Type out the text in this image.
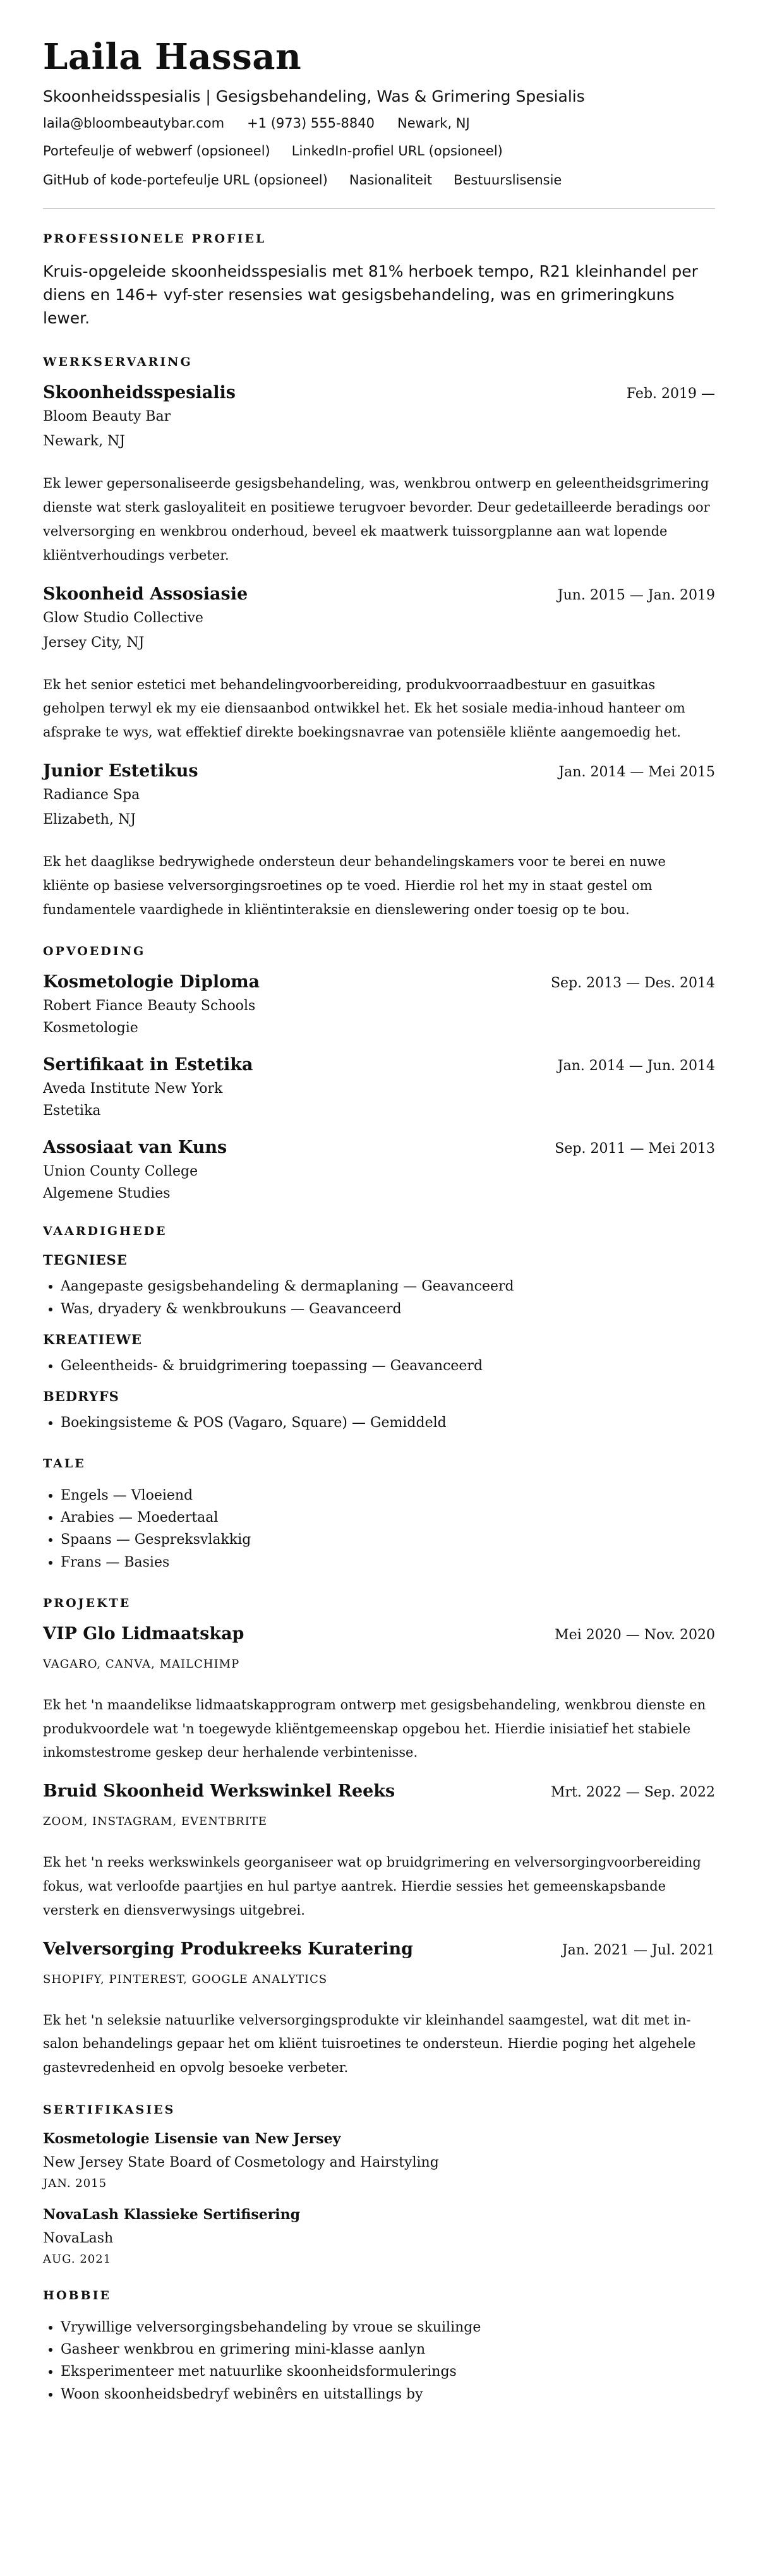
Laila Hassan
Skoonheidsspesialis | Gesigsbehandeling, Was & Grimering Spesialis
laila@bloombeautybar.com +1 (973) 555-8840 Newark, NJ
Portefeulje of webwerf (opsioneel) LinkedIn-profiel URL (opsioneel)
GitHub of kode-portefeulje URL (opsioneel) Nasionaliteit Bestuurslisensie
PROFESSIONELE PROFIEL

Kruis-opgeleide skoonheidsspesialis met 81% herboek tempo, R21 kleinhandel per diens en 146+ vyf-ster resensies wat gesigsbehandeling, was en grimeringkuns lewer.

WERKSERVARING
Skoonheidsspesialis	Feb. 2019 —
Bloom Beauty Bar
Newark, NJ
Ek lewer gepersonaliseerde gesigsbehandeling, was, wenkbrou ontwerp en geleentheidsgrimering dienste wat sterk gasloyaliteit en positiewe terugvoer bevorder. Deur gedetailleerde beradings oor velversorging en wenkbrou onderhoud, beveel ek maatwerk tuissorgplanne aan wat lopende kliëntverhoudings verbeter.
Skoonheid Assosiasie	Jun. 2015 — Jan. 2019
Glow Studio Collective
Jersey City, NJ
Ek het senior estetici met behandelingvoorbereiding, produkvoorraadbestuur en gasuitkas geholpen terwyl ek my eie diensaanbod ontwikkel het. Ek het sosiale media-inhoud hanteer om afsprake te wys, wat effektief direkte boekingsnavrae van potensiële kliënte aangemoedig het.
Junior Estetikus	Jan. 2014 — Mei 2015
Radiance Spa
Elizabeth, NJ
Ek het daaglikse bedrywighede ondersteun deur behandelingskamers voor te berei en nuwe kliënte op basiese velversorgingsroetines op te voed. Hierdie rol het my in staat gestel om fundamentele vaardighede in kliëntinteraksie en dienslewering onder toesig op te bou.
OPVOEDING
Kosmetologie Diploma	Sep. 2013 — Des. 2014
Robert Fiance Beauty Schools
Kosmetologie
Sertifikaat in Estetika	Jan. 2014 — Jun. 2014
Aveda Institute New York
Estetika
Assosiaat van Kuns	Sep. 2011 — Mei 2013
Union County College
Algemene Studies
VAARDIGHEDE
TEGNIESE
• Aangepaste gesigsbehandeling & dermaplaning — Geavanceerd
• Was, dryadery & wenkbroukuns — Geavanceerd
KREATIEWE
• Geleentheids- & bruidgrimering toepassing — Geavanceerd
BEDRYFS
• Boekingsisteme & POS (Vagaro, Square) — Gemiddeld
TALE
• Engels — Vloeiend
• Arabies — Moedertaal
• Spaans — Gespreksvlakkig
• Frans — Basies
PROJEKTE
VIP Glo Lidmaatskap	Mei 2020 — Nov. 2020
VAGARO, CANVA, MAILCHIMP
Ek het 'n maandelikse lidmaatskapprogram ontwerp met gesigsbehandeling, wenkbrou dienste en produkvoordele wat 'n toegewyde kliëntgemeenskap opgebou het. Hierdie inisiatief het stabiele inkomstestrome geskep deur herhalende verbintenisse.
Bruid Skoonheid Werkswinkel Reeks	Mrt. 2022 — Sep. 2022
ZOOM, INSTAGRAM, EVENTBRITE
Ek het 'n reeks werkswinkels georganiseer wat op bruidgrimering en velversorgingvoorbereiding fokus, wat verloofde paartjies en hul partye aantrek. Hierdie sessies het gemeenskapsbande versterk en diensverwysings uitgebrei.
Velversorging Produkreeks Kuratering	Jan. 2021 — Jul. 2021
SHOPIFY, PINTEREST, GOOGLE ANALYTICS
Ek het 'n seleksie natuurlike velversorgingsprodukte vir kleinhandel saamgestel, wat dit met in-salon behandelings gepaar het om kliënt tuisroetines te ondersteun. Hierdie poging het algehele gastevredenheid en opvolg besoeke verbeter.
SERTIFIKASIES
Kosmetologie Lisensie van New Jersey
New Jersey State Board of Cosmetology and Hairstyling
JAN. 2015
NovaLash Klassieke Sertifisering
NovaLash
AUG. 2021
HOBBIE
• Vrywillige velversorgingsbehandeling by vroue se skuilinge
• Gasheer wenkbrou en grimering mini-klasse aanlyn
• Eksperimenteer met natuurlike skoonheidsformulerings
• Woon skoonheidsbedryf webinêrs en uitstallings by
